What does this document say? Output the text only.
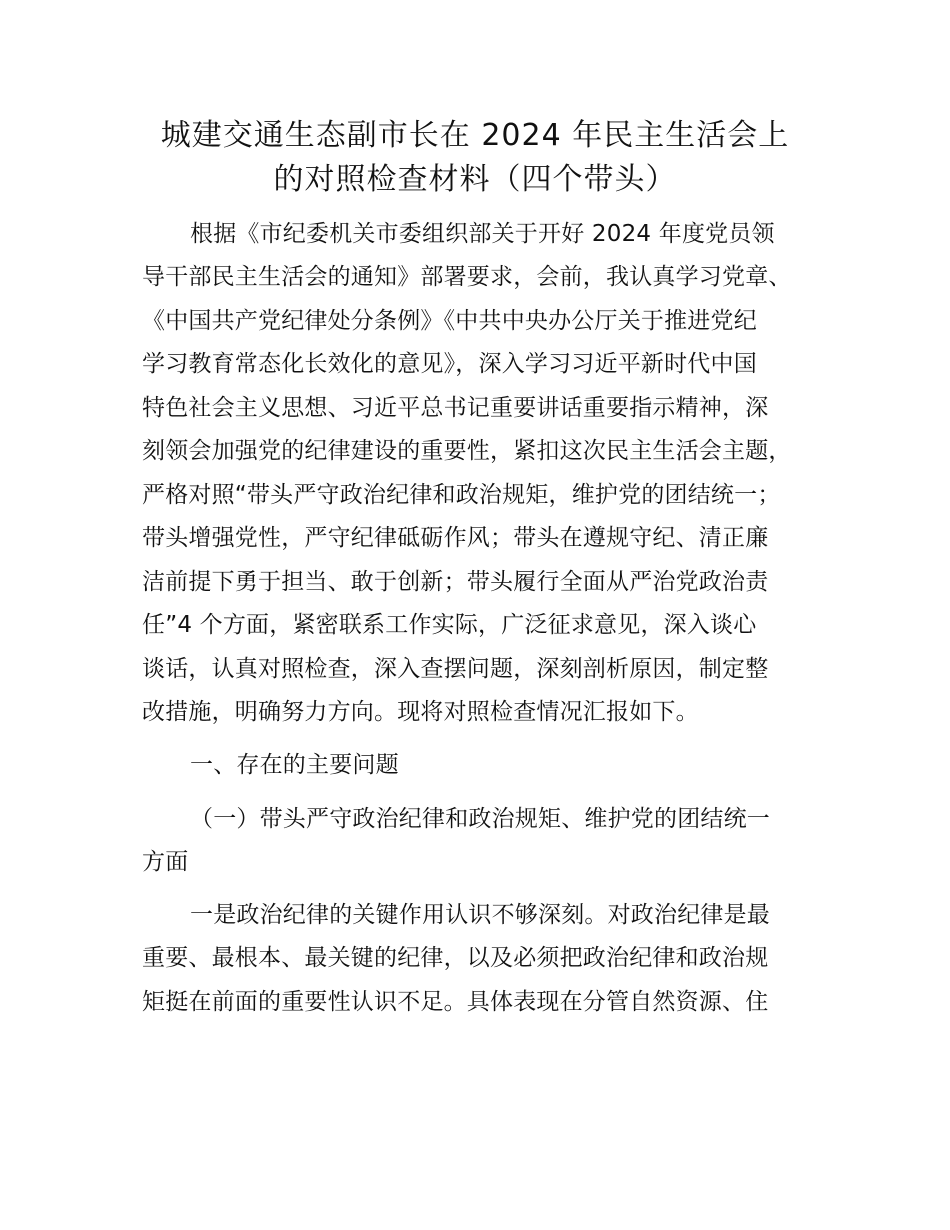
城建交通生态副市长在 2024 年民主生活会上
的对照检查材料（四个带头）
根据《市纪委机关市委组织部关于开好 2024 年度党员领
导干部民主生活会的通知》部署要求，会前，我认真学习党章、
《中国共产党纪律处分条例》《中共中央办公厅关于推进党纪
学习教育常态化长效化的意见》，深入学习习近平新时代中国
特色社会主义思想、习近平总书记重要讲话重要指示精神，深
刻领会加强党的纪律建设的重要性，紧扣这次民主生活会主题，
严格对照“带头严守政治纪律和政治规矩，维护党的团结统一；
带头增强党性，严守纪律砥砺作风；带头在遵规守纪、清正廉
洁前提下勇于担当、敢于创新；带头履行全面从严治党政治责
任”4 个方面，紧密联系工作实际，广泛征求意见，深入谈心
谈话，认真对照检查，深入查摆问题，深刻剖析原因，制定整
改措施，明确努力方向。现将对照检查情况汇报如下。
一、存在的主要问题
（一）带头严守政治纪律和政治规矩、维护党的团结统一
方面
一是政治纪律的关键作用认识不够深刻。对政治纪律是最
重要、最根本、最关键的纪律，以及必须把政治纪律和政治规
矩挺在前面的重要性认识不足。具体表现在分管自然资源、住
